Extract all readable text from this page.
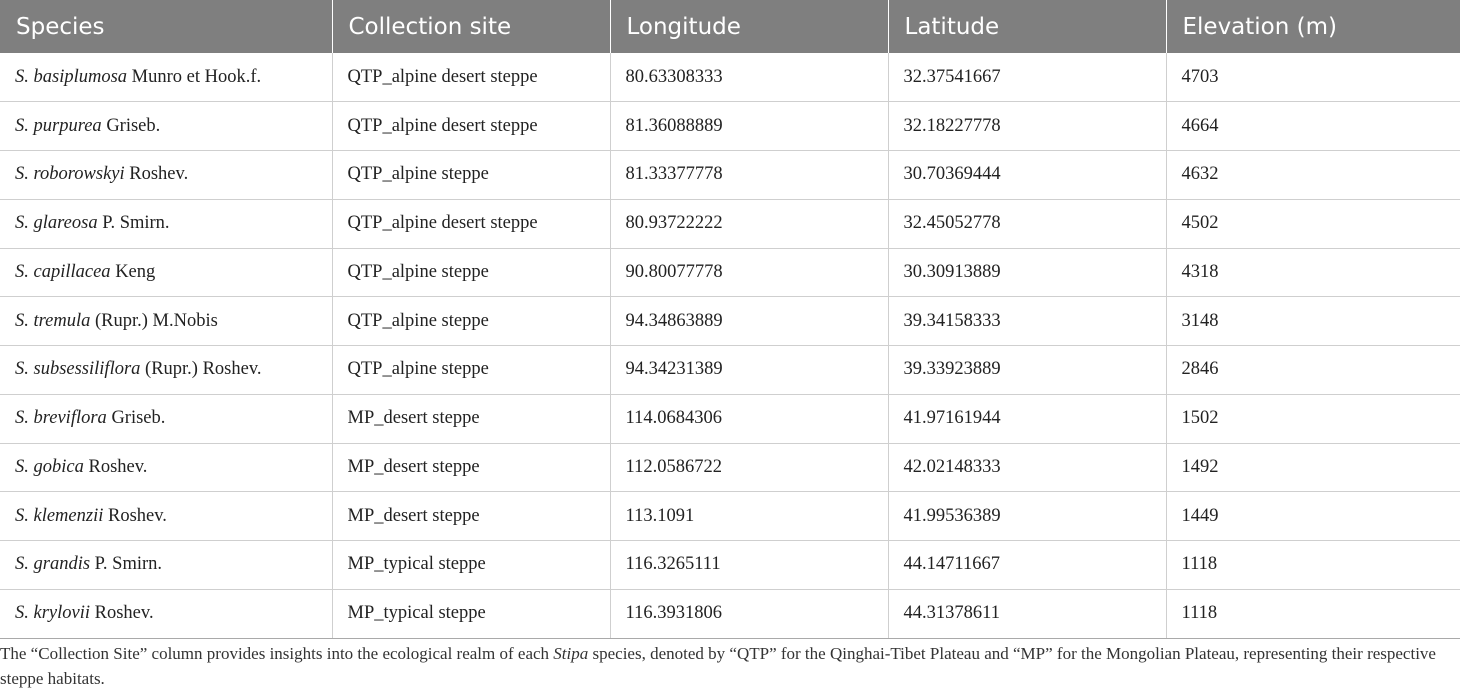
Species	Collection site	Longitude	Latitude	Elevation (m)
S. basiplumosa Munro et Hook.f.	QTP_alpine desert steppe	80.63308333	32.37541667	4703
S. purpurea Griseb.	QTP_alpine desert steppe	81.36088889	32.18227778	4664
S. roborowskyi Roshev.	QTP_alpine steppe	81.33377778	30.70369444	4632
S. glareosa P. Smirn.	QTP_alpine desert steppe	80.93722222	32.45052778	4502
S. capillacea Keng	QTP_alpine steppe	90.80077778	30.30913889	4318
S. tremula (Rupr.) M.Nobis	QTP_alpine steppe	94.34863889	39.34158333	3148
S. subsessiliflora (Rupr.) Roshev.	QTP_alpine steppe	94.34231389	39.33923889	2846
S. breviflora Griseb.	MP_desert steppe	114.0684306	41.97161944	1502
S. gobica Roshev.	MP_desert steppe	112.0586722	42.02148333	1492
S. klemenzii Roshev.	MP_desert steppe	113.1091	41.99536389	1449
S. grandis P. Smirn.	MP_typical steppe	116.3265111	44.14711667	1118
S. krylovii Roshev.	MP_typical steppe	116.3931806	44.31378611	1118
The “Collection Site” column provides insights into the ecological realm of each Stipa species, denoted by “QTP” for the Qinghai-Tibet Plateau and “MP” for the Mongolian Plateau, representing their respective steppe habitats.
